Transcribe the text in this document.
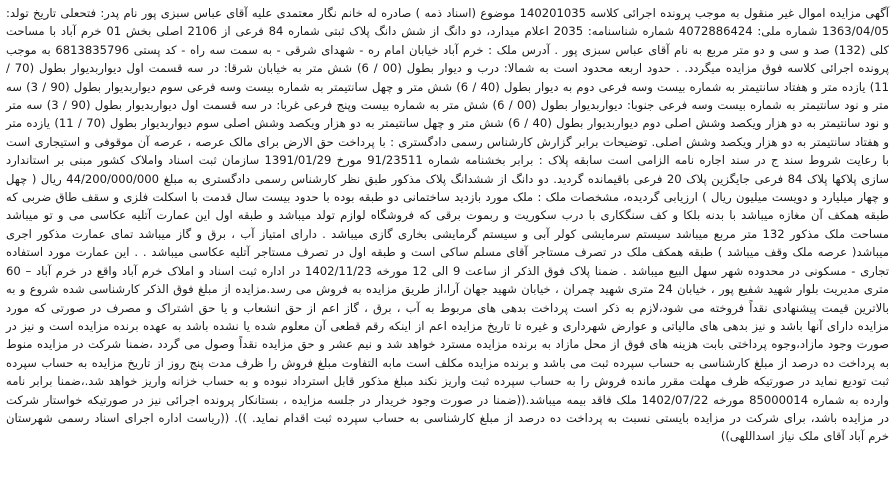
آگهی مزایده اموال غیر منقول به موجب پرونده اجرائی کلاسه 140201035 موضوع (اسناد ذمه ) صادره له خانم نگار معتمدی علیه آقای عباس سبزی پور نام پدر: فتحعلی تاریخ تولد: 1363/04/05 شماره ملی: 4072886424 شماره شناسنامه: 2035 اعلام میدارد، دو دانگ از شش دانگ پلاک ثبتی شماره 84 فرعی از 2106 اصلی بخش 01 خرم آباد با مساحت کلی (132) صد و سی و دو متر مربع به نام آقای عباس سبزی پور . آدرس ملک : خرم آباد خیابان امام ره - شهدای شرقی - به سمت سه راه - کد پستی 6813835796 به موجب پرونده اجرائی کلاسه فوق مزایده میگردد. . حدود اربعه محدود است به شمالا: درب و دیوار بطول (00 / 6) شش متر به خیابان شرقا: در سه قسمت اول دیواربدیوار بطول (70 / 11) یازده متر و هفتاد سانتیمتر به شماره بیست وسه فرعی دوم به دیوار بطول (40 / 6) شش متر و چهل سانتیمتر به شماره بیست وسه فرعی سوم دیواربدیوار بطول (90 / 3) سه متر و نود سانتیمتر به شماره بیست وسه فرعی جنوبا: دیواربدیوار بطول (00 / 6) شش متر به شماره بیست وپنج فرعی غربا: در سه قسمت اول دیواربدیوار بطول (90 / 3) سه متر و نود سانتیمتر به دو هزار ویکصد وشش اصلی دوم دیواربدیوار بطول (40 / 6) شش متر و چهل سانتیمتر به دو هزار ویکصد وشش اصلی سوم دیواربدیوار بطول (70 / 11) یازده متر و هفتاد سانتیمتر به دو هزار ویکصد وشش اصلی. توضیحات برابر گزارش کارشناس رسمی دادگستری : با پرداخت حق الارض برای مالک عرصه ، عرصه آن موقوفی و استیجاری است با رعایت شروط سند ج در سند اجاره نامه الزامی است سابقه پلاک : برابر بخشنامه شماره 91/23511 مورخ 1391/01/29 سازمان ثبت اسناد واملاک کشور مبنی بر استاندارد سازی پلاکها پلاک 84 فرعی جایگزین پلاک 20 فرعی باقیمانده گردید. دو دانگ از ششدانگ پلاک مذکور طبق نظر کارشناس رسمی دادگستری به مبلغ 44/200/000/000 ریال ( چهل و چهار میلیارد و دویست میلیون ریال ) ارزیابی گردیده، مشخصات ملک : ملک مورد بازدید ساختمانی دو طبقه بوده با حدود بیست سال قدمت با اسکلت فلزی و سقف طاق ضربی که طبقه همکف آن مغازه میباشد با بدنه بلکا و کف سنگکاری با درب سکوریت و ربموت برقی که فروشگاه لوازم تولد میباشد و طبقه اول این عمارت آتلیه عکاسی می و تو میباشد مساحت ملک مذکور 132 متر مربع میباشد سیستم سرمایشی کولر آبی و سیستم گرمایشی بخاری گازی میباشد . دارای امتیاز آب ، برق و گاز میباشد تمای عمارت مذکور اجری میباشد( عرصه ملک وقف میباشد ) طبقه همکف ملک در تصرف مستاجر آقای مسلم ساکی است و طبقه اول در تصرف مستاجر آتلیه عکاسی میباشد . . این عمارت مورد استفاده تجاری - مسکونی در محدوده شهر سهل البیع میباشد . ضمنا پلاک فوق الذکر از ساعت 9 الی 12 مورخه 1402/11/23 در اداره ثبت اسناد و املاک خرم آباد واقع در خرم آباد – 60 متری مدیریت بلوار شهید شفیع پور ، خیابان 24 متری شهید چمران ، خیابان شهید جهان آرا،از طریق مزایده به فروش می رسد.مزایده از مبلغ فوق الذکر کارشناسی شده شروع و به بالاترین قیمت پیشنهادی نقداً فروخته می شود،لازم به ذکر است پرداخت بدهی های مربوط به آب ، برق ، گاز اعم از حق انشعاب و یا حق اشتراک و مصرف در صورتی که مورد مزایده دارای آنها باشد و نیز بدهی های مالیاتی و عوارض شهرداری و غیره تا تاریخ مزایده اعم از اینکه رقم قطعی آن معلوم شده یا نشده باشد به عهده برنده مزایده است و نیز در صورت وجود مازاد،وجوه پرداختی بابت هزینه های فوق از محل مازاد به برنده مزایده مسترد خواهد شد و نیم عشر و حق مزایده نقداً وصول می گردد ،ضمنا شرکت در مزایده منوط به پرداخت ده درصد از مبلغ کارشناسی به حساب سپرده ثبت می باشد و برنده مزایده مکلف است مابه التفاوت مبلغ فروش را ظرف مدت پنج روز از تاریخ مزایده به حساب سپرده ثبت تودیع نماید در صورتیکه ظرف مهلت مقرر مانده فروش را به حساب سپرده ثبت واریز نکند مبلغ مذکور قابل استرداد نبوده و به حساب خزانه واریز خواهد شد.،ضمنا برابر نامه وارده به شماره 85000014 مورخه 1402/07/22 ملک فاقد بیمه میباشد.((ضمنا در صورت وجود خریدار در جلسه مزایده ، بستانکار پرونده اجرائی نیز در صورتیکه خواستار شرکت در مزایده باشد، برای شرکت در مزایده بایستی نسبت به پرداخت ده درصد از مبلغ کارشناسی به حساب سپرده ثبت اقدام نماید. )). ((ریاست اداره اجرای اسناد رسمی شهرستان خرم آباد آقای ملک نیاز اسداللهی))
